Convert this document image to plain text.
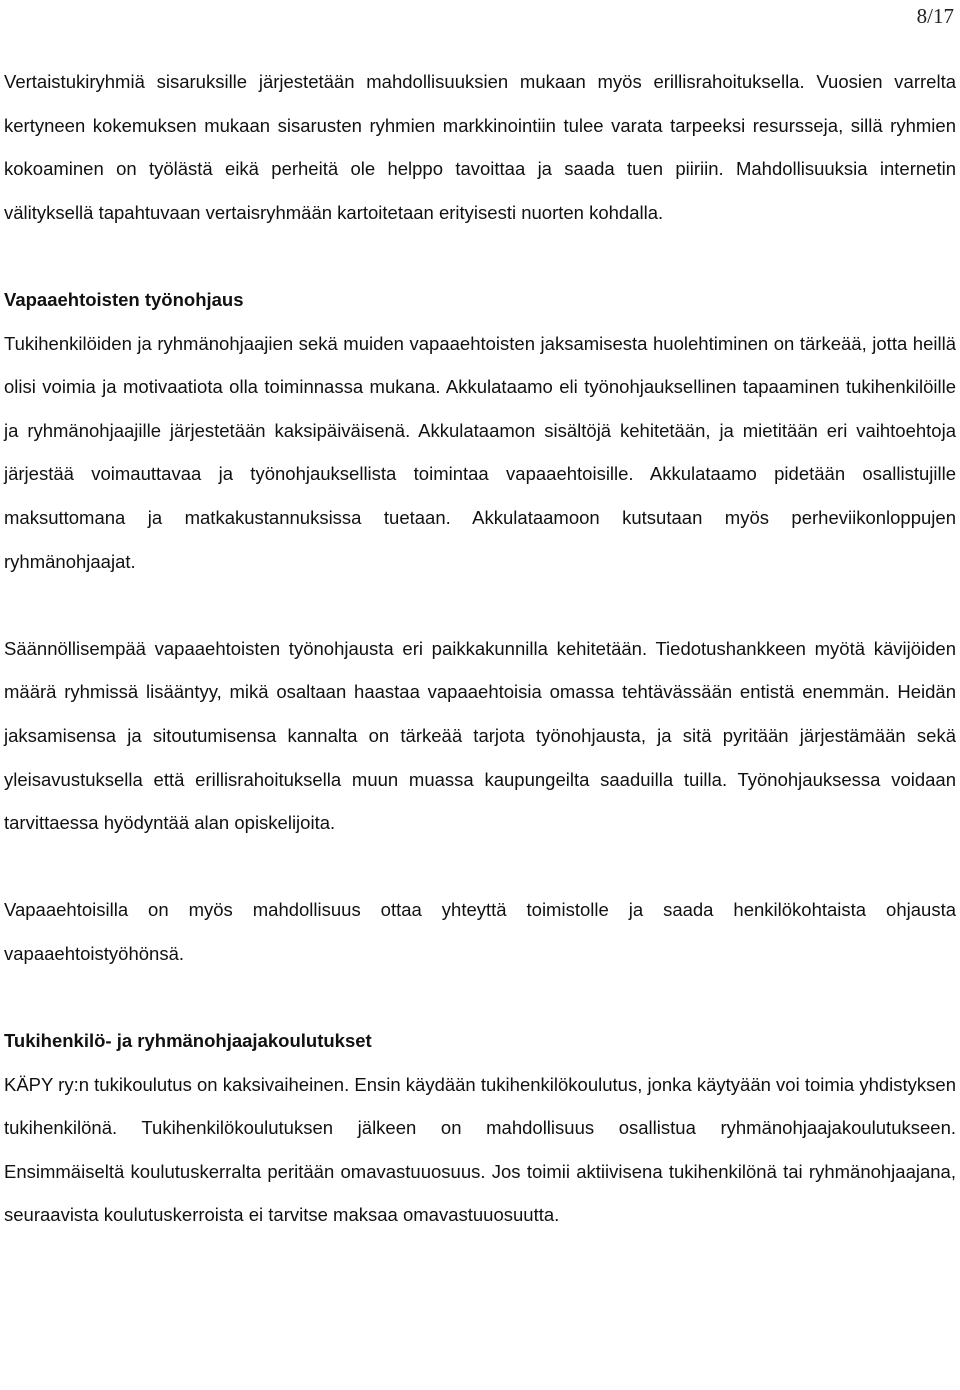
8/17

Vertaistukiryhmiä sisaruksille järjestetään mahdollisuuksien mukaan myös erillisrahoituksella. Vuosien varrelta kertyneen kokemuksen mukaan sisarusten ryhmien markkinointiin tulee varata tarpeeksi resursseja, sillä ryhmien kokoaminen on työlästä eikä perheitä ole helppo tavoittaa ja saada tuen piiriin. Mahdollisuuksia internetin välityksellä tapahtuvaan vertaisryhmään kartoitetaan erityisesti nuorten kohdalla.

Vapaaehtoisten työnohjaus

Tukihenkilöiden ja ryhmänohjaajien sekä muiden vapaaehtoisten jaksamisesta huolehtiminen on tärkeää, jotta heillä olisi voimia ja motivaatiota olla toiminnassa mukana. Akkulataamo eli työnohjauksellinen tapaaminen tukihenkilöille ja ryhmänohjaajille järjestetään kaksipäiväisenä. Akkulataamon sisältöjä kehitetään, ja mietitään eri vaihtoehtoja järjestää voimauttavaa ja työnohjauksellista toimintaa vapaaehtoisille. Akkulataamo pidetään osallistujille maksuttomana ja matkakustannuksissa tuetaan. Akkulataamoon kutsutaan myös perheviikonloppujen ryhmänohjaajat.

Säännöllisempää vapaaehtoisten työnohjausta eri paikkakunnilla kehitetään. Tiedotushankkeen myötä kävijöiden määrä ryhmissä lisääntyy, mikä osaltaan haastaa vapaaehtoisia omassa tehtävässään entistä enemmän. Heidän jaksamisensa ja sitoutumisensa kannalta on tärkeää tarjota työnohjausta, ja sitä pyritään järjestämään sekä yleisavustuksella että erillisrahoituksella muun muassa kaupungeilta saaduilla tuilla. Työnohjauksessa voidaan tarvittaessa hyödyntää alan opiskelijoita.

Vapaaehtoisilla on myös mahdollisuus ottaa yhteyttä toimistolle ja saada henkilökohtaista ohjausta vapaaehtoistyöhönsä.

Tukihenkilö- ja ryhmänohjaajakoulutukset

KÄPY ry:n tukikoulutus on kaksivaiheinen. Ensin käydään tukihenkilökoulutus, jonka käytyään voi toimia yhdistyksen tukihenkilönä. Tukihenkilökoulutuksen jälkeen on mahdollisuus osallistua ryhmänohjaajakoulutukseen. Ensimmäiseltä koulutuskerralta peritään omavastuuosuus. Jos toimii aktiivisena tukihenkilönä tai ryhmänohjaajana, seuraavista koulutuskerroista ei tarvitse maksaa omavastuuosuutta.
